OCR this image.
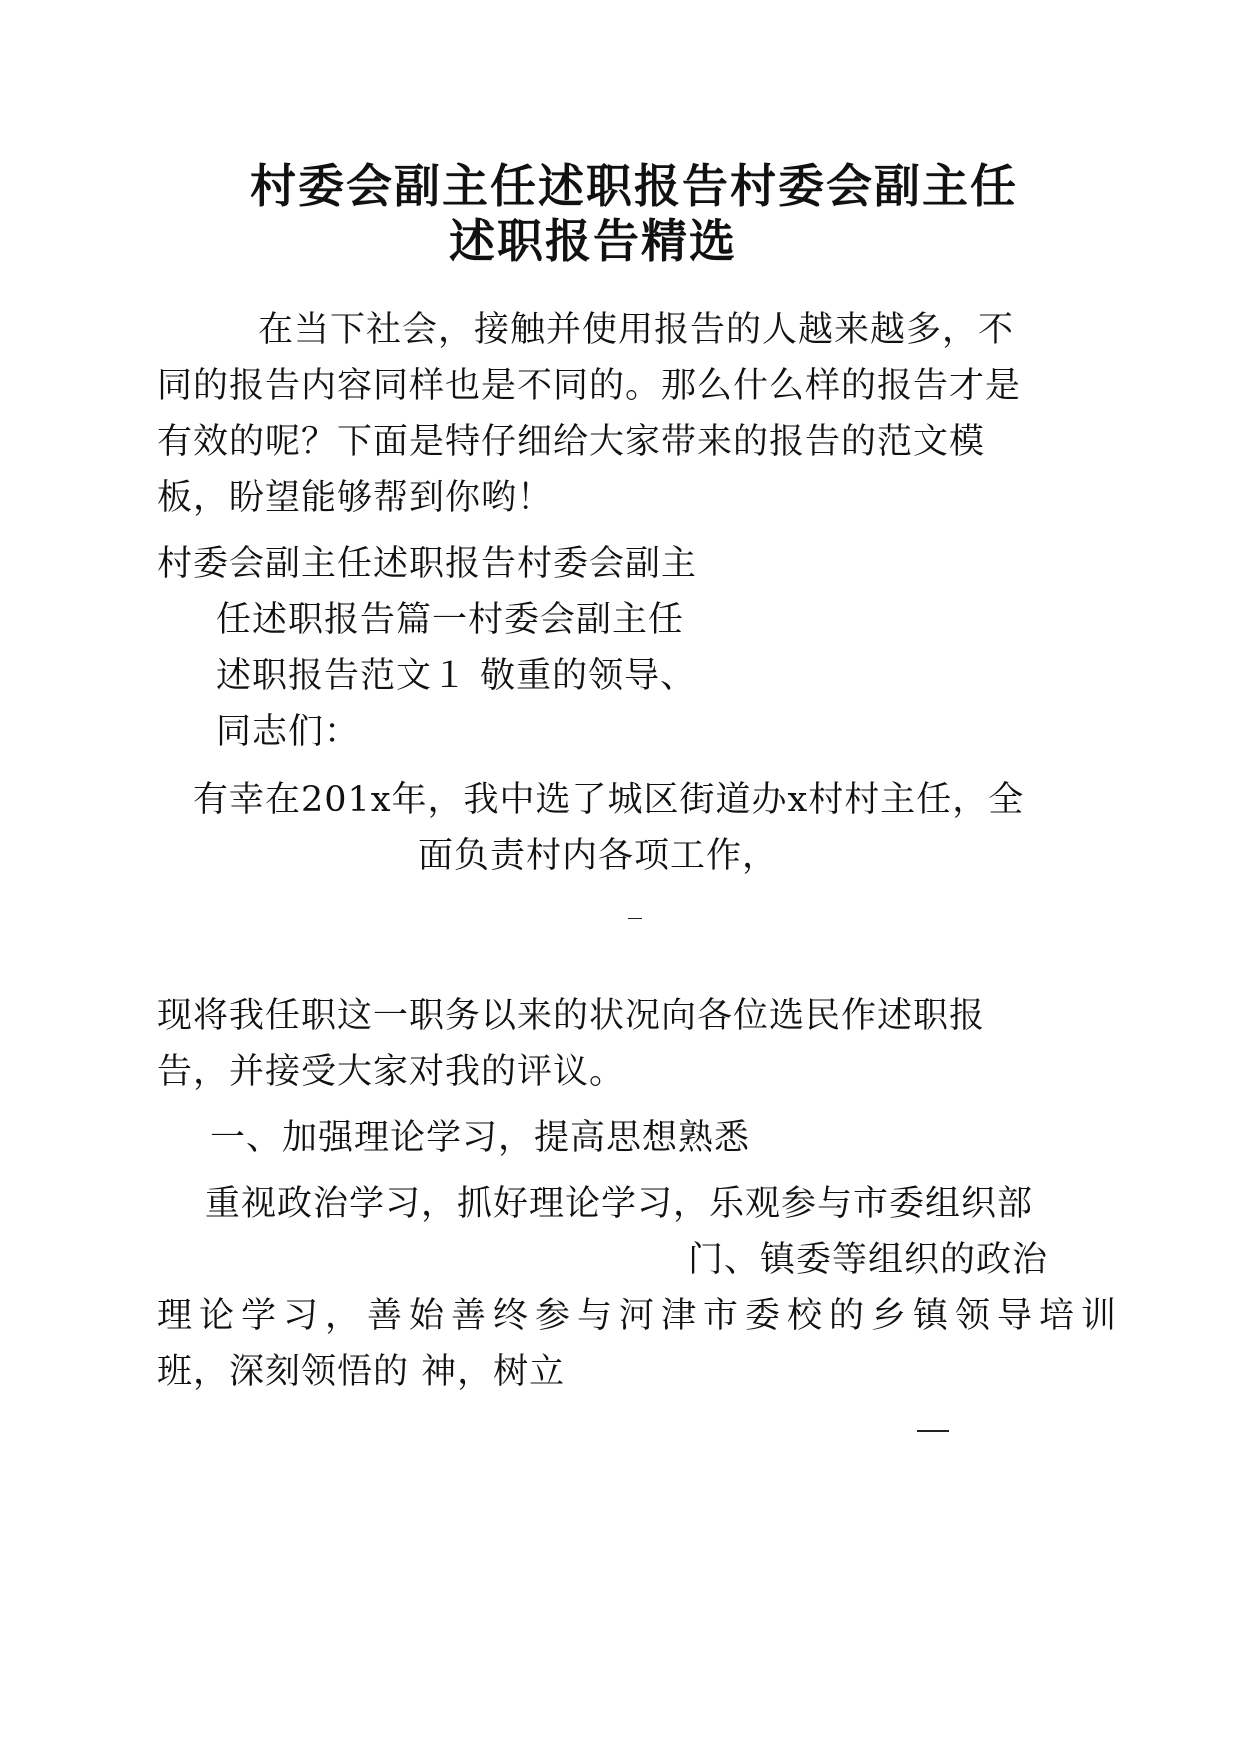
村委会副主任述职报告村委会副主任
述职报告精选
在当下社会，接触并使用报告的人越来越多，不
同的报告内容同样也是不同的。那么什么样的报告才是
有效的呢？下面是特仔细给大家带来的报告的范文模
板，盼望能够帮到你哟！
村委会副主任述职报告村委会副主
任述职报告篇一村委会副主任
述职报告范文１ 敬重的领导、
同志们：
有幸在201x年，我中选了城区街道办x村村主任，全
面负责村内各项工作，
现将我任职这一职务以来的状况向各位选民作述职报
告，并接受大家对我的评议。
一、加强理论学习，提高思想熟悉
重视政治学习，抓好理论学习，乐观参与市委组织部
门、镇委等组织的政治
理论学习，善始善终参与河津市委校的乡镇领导培训
班，深刻领悟的 神，树立
